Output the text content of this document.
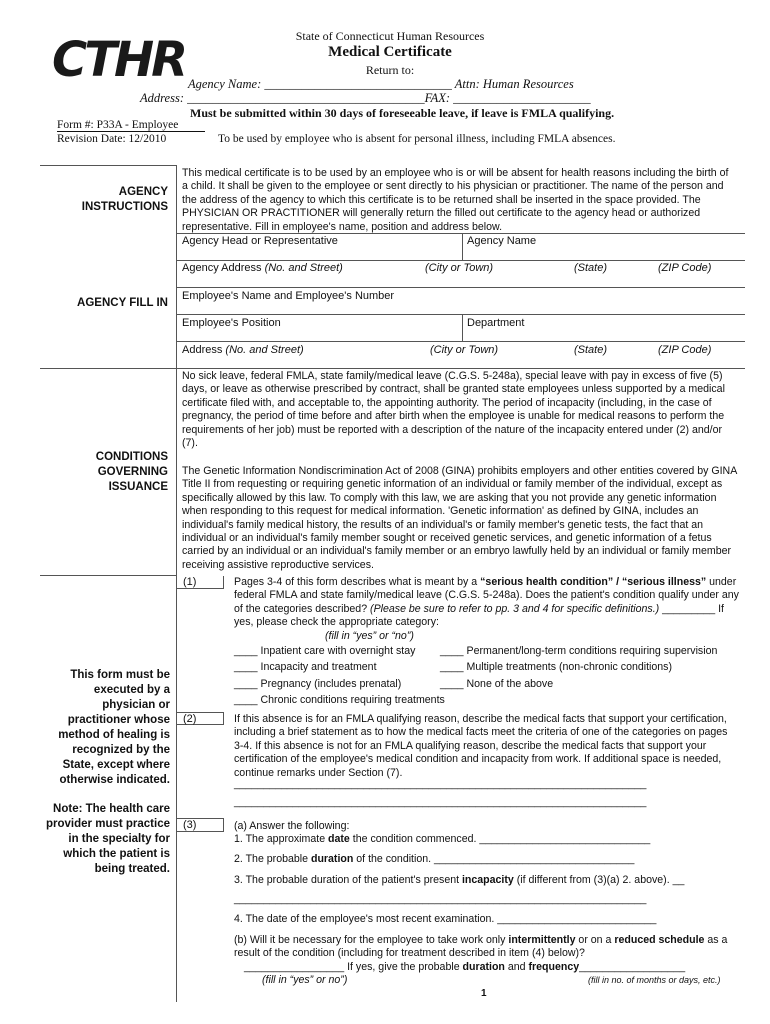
CTHR	State of Connecticut Human Resources
Medical Certificate
Return to:
Agency Name: ______________________________ Attn: Human Resources
Address: ______________________________________FAX: ______________________
Must be submitted within 30 days of foreseeable leave, if leave is FMLA qualifying.
Form #: P33A - Employee
Revision Date: 12/2010	To be used by employee who is absent for personal illness, including FMLA absences.
AGENCY INSTRUCTIONS
This medical certificate is to be used by an employee who is or will be absent for health reasons including the birth of a child. It shall be given to the employee or sent directly to his physician or practitioner. The name of the person and the address of the agency to which this certificate is to be returned shall be inserted in the space provided. The PHYSICIAN OR PRACTITIONER will generally return the filled out certificate to the agency head or authorized representative. Fill in employee's name, position and address below.
Agency Head or Representative	Agency Name
Agency Address (No. and Street)	(City or Town)	(State)	(ZIP Code)
AGENCY FILL IN
Employee's Name and Employee's Number
Employee's Position	Department
Address (No. and Street)	(City or Town)	(State)	(ZIP Code)
CONDITIONS GOVERNING ISSUANCE
No sick leave, federal FMLA, state family/medical leave (C.G.S. 5-248a), special leave with pay in excess of five (5) days, or leave as otherwise prescribed by contract, shall be granted state employees unless supported by a medical certificate filed with, and acceptable to, the appointing authority. The period of incapacity (including, in the case of pregnancy, the period of time before and after birth when the employee is unable for medical reasons to perform the requirements of her job) must be reported with a description of the nature of the incapacity entered under (2) and/or (7).
The Genetic Information Nondiscrimination Act of 2008 (GINA) prohibits employers and other entities covered by GINA Title II from requesting or requiring genetic information of an individual or family member of the individual, except as specifically allowed by this law. To comply with this law, we are asking that you not provide any genetic information when responding to this request for medical information. 'Genetic information' as defined by GINA, includes an individual's family medical history, the results of an individual's or family member's genetic tests, the fact that an individual or an individual's family member sought or received genetic services, and genetic information of a fetus carried by an individual or an individual's family member or an embryo lawfully held by an individual or family member receiving assistive reproductive services.
This form must be executed by a physician or practitioner whose method of healing is recognized by the State, except where otherwise indicated.
Note: The health care provider must practice in the specialty for which the patient is being treated.
(1)
(2)
(3)
Pages 3-4 of this form describes what is meant by a “serious health condition” / “serious illness” under federal FMLA and state family/medical leave (C.G.S. 5-248a). Does the patient's condition qualify under any of the categories described? (Please be sure to refer to pp. 3 and 4 for specific definitions.) _________ If yes, please check the appropriate category:
(fill in “yes” or “no”)
____ Inpatient care with overnight stay
____ Incapacity and treatment
____ Pregnancy (includes prenatal)
____ Chronic conditions requiring treatments
____ Permanent/long-term conditions requiring supervision
____ Multiple treatments (non-chronic conditions)
____ None of the above
If this absence is for an FMLA qualifying reason, describe the medical facts that support your certification, including a brief statement as to how the medical facts meet the criteria of one of the categories on pages 3-4. If this absence is not for an FMLA qualifying reason, describe the medical facts that support your certification of the employee's medical condition and incapacity from work. If additional space is needed, continue remarks under Section (7).
______________________________________________________________________
______________________________________________________________________
(a) Answer the following:
1. The approximate date the condition commenced. _____________________________
2. The probable duration of the condition. __________________________________
3. The probable duration of the patient's present incapacity (if different from (3)(a) 2. above). __
______________________________________________________________________
4. The date of the employee's most recent examination. ___________________________
(b) Will it be necessary for the employee to take work only intermittently or on a reduced schedule as a result of the condition (including for treatment described in item (4) below)?
_________________ If yes, give the probable duration and frequency__________________
(fill in “yes” or no”)	(fill in no. of months or days, etc.)
1
